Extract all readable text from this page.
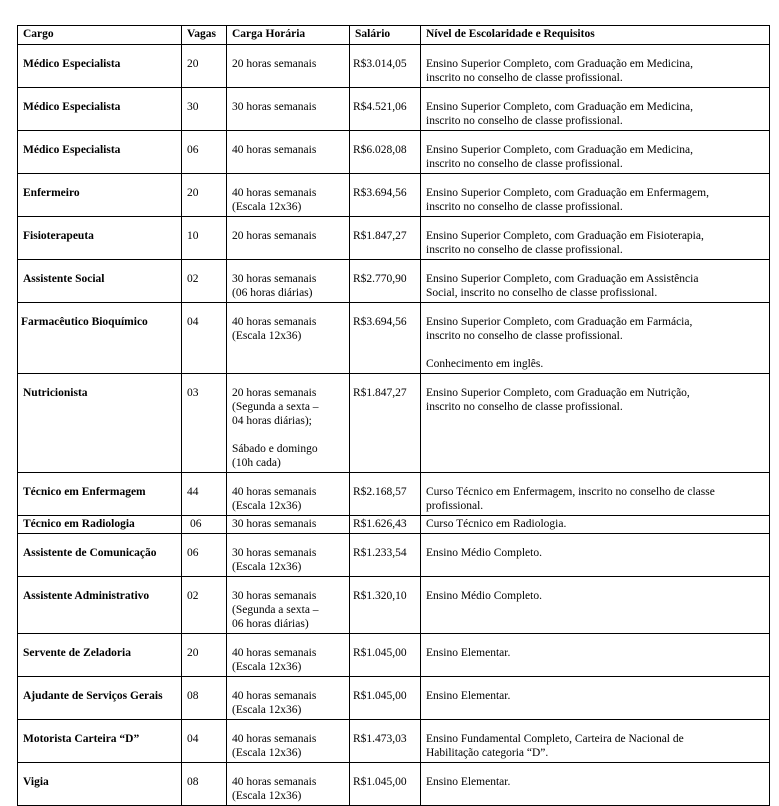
Cargo	Vagas	Carga Horária	Salário	Nível de Escolaridade e Requisitos
Médico Especialista	20	20 horas semanais	R$3.014,05	Ensino Superior Completo, com Graduação em Medicina,
inscrito no conselho de classe profissional.

Médico Especialista	30	30 horas semanais	R$4.521,06	Ensino Superior Completo, com Graduação em Medicina,
inscrito no conselho de classe profissional.

Médico Especialista	06	40 horas semanais	R$6.028,08	Ensino Superior Completo, com Graduação em Medicina,
inscrito no conselho de classe profissional.

Enfermeiro	20	40 horas semanais
(Escala 12x36)	R$3.694,56	Ensino Superior Completo, com Graduação em Enfermagem,
inscrito no conselho de classe profissional.

Fisioterapeuta	10	20 horas semanais	R$1.847,27	Ensino Superior Completo, com Graduação em Fisioterapia,
inscrito no conselho de classe profissional.

Assistente Social	02	30 horas semanais
(06 horas diárias)	R$2.770,90	Ensino Superior Completo, com Graduação em Assistência
Social, inscrito no conselho de classe profissional.

Farmacêutico Bioquímico	04	40 horas semanais
(Escala 12x36)	R$3.694,56	Ensino Superior Completo, com Graduação em Farmácia,
inscrito no conselho de classe profissional.
Conhecimento em inglês.

Nutricionista	03	20 horas semanais
(Segunda a sexta –
04 horas diárias);
Sábado e domingo
(10h cada)	R$1.847,27	Ensino Superior Completo, com Graduação em Nutrição,
inscrito no conselho de classe profissional.

Técnico em Enfermagem	44	40 horas semanais
(Escala 12x36)	R$2.168,57	Curso Técnico em Enfermagem, inscrito no conselho de classe
profissional.

Técnico em Radiologia	06	30 horas semanais	R$1.626,43	Curso Técnico em Radiologia.

Assistente de Comunicação	06	30 horas semanais
(Escala 12x36)	R$1.233,54	Ensino Médio Completo.

Assistente Administrativo	02	30 horas semanais
(Segunda a sexta –
06 horas diárias)	R$1.320,10	Ensino Médio Completo.

Servente de Zeladoria	20	40 horas semanais
(Escala 12x36)	R$1.045,00	Ensino Elementar.

Ajudante de Serviços Gerais	08	40 horas semanais
(Escala 12x36)	R$1.045,00	Ensino Elementar.

Motorista Carteira “D”	04	40 horas semanais
(Escala 12x36)	R$1.473,03	Ensino Fundamental Completo, Carteira de Nacional de
Habilitação categoria “D”.

Vigia	08	40 horas semanais
(Escala 12x36)	R$1.045,00	Ensino Elementar.
